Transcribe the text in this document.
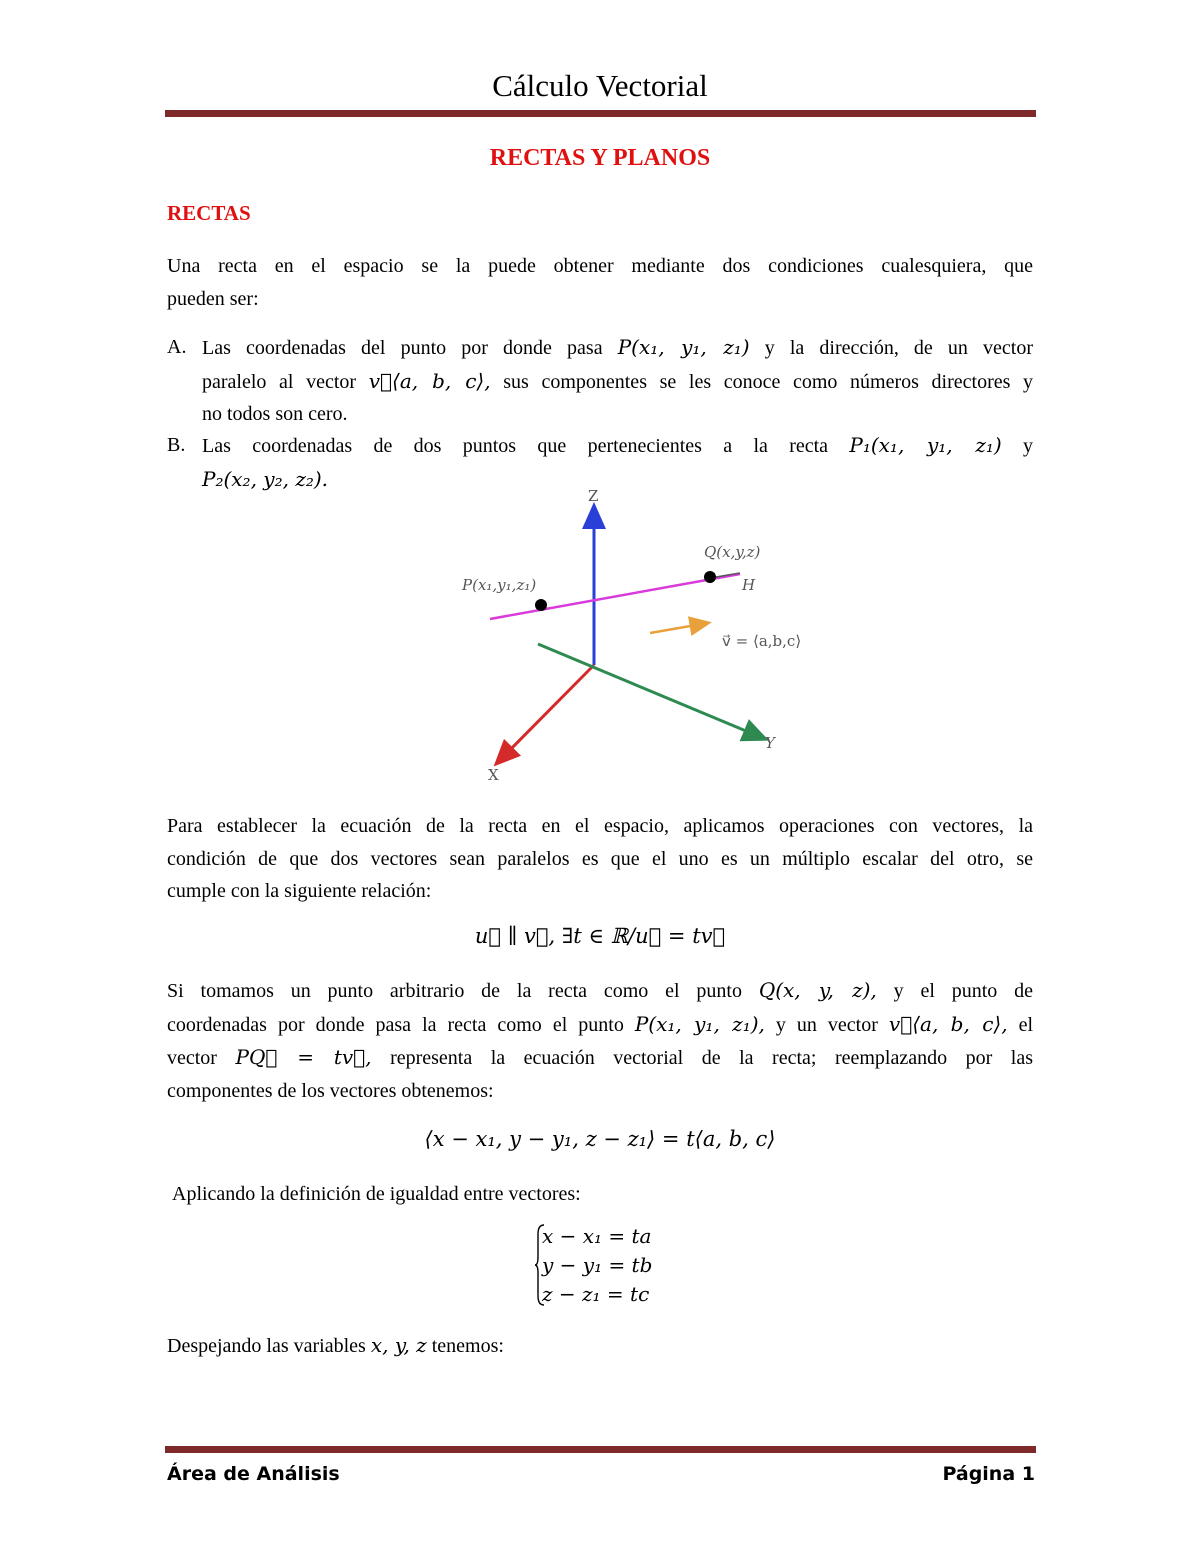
Cálculo Vectorial
RECTAS Y PLANOS
RECTAS
Una recta en el espacio se la puede obtener mediante dos condiciones cualesquiera, que
pueden ser:
A. Las coordenadas del punto por donde pasa P(x₁, y₁, z₁) y la dirección, de un vector
paralelo al vector v⃗⟨a, b, c⟩, sus componentes se les conoce como números directores y
no todos son cero.
B. Las coordenadas de dos puntos que pertenecientes a la recta P₁(x₁, y₁, z₁) y
P₂(x₂, y₂, z₂).
Z
X
Y
P(x₁,y₁,z₁)
Q(x,y,z)
H
v⃗ = ⟨a,b,c⟩
Para establecer la ecuación de la recta en el espacio, aplicamos operaciones con vectores, la
condición de que dos vectores sean paralelos es que el uno es un múltiplo escalar del otro, se
cumple con la siguiente relación:
u⃗ ∥ v⃗, ∃t ∈ ℝ/u⃗ = tv⃗
Si tomamos un punto arbitrario de la recta como el punto Q(x, y, z), y el punto de
coordenadas por donde pasa la recta como el punto P(x₁, y₁, z₁), y un vector v⃗⟨a, b, c⟩, el
vector PQ⃗ = tv⃗, representa la ecuación vectorial de la recta; reemplazando por las
componentes de los vectores obtenemos:
⟨x − x₁, y − y₁, z − z₁⟩ = t⟨a, b, c⟩
Aplicando la definición de igualdad entre vectores:
x − x₁ = ta
y − y₁ = tb
z − z₁ = tc
Despejando las variables x, y, z tenemos:
Área de Análisis	Página 1
